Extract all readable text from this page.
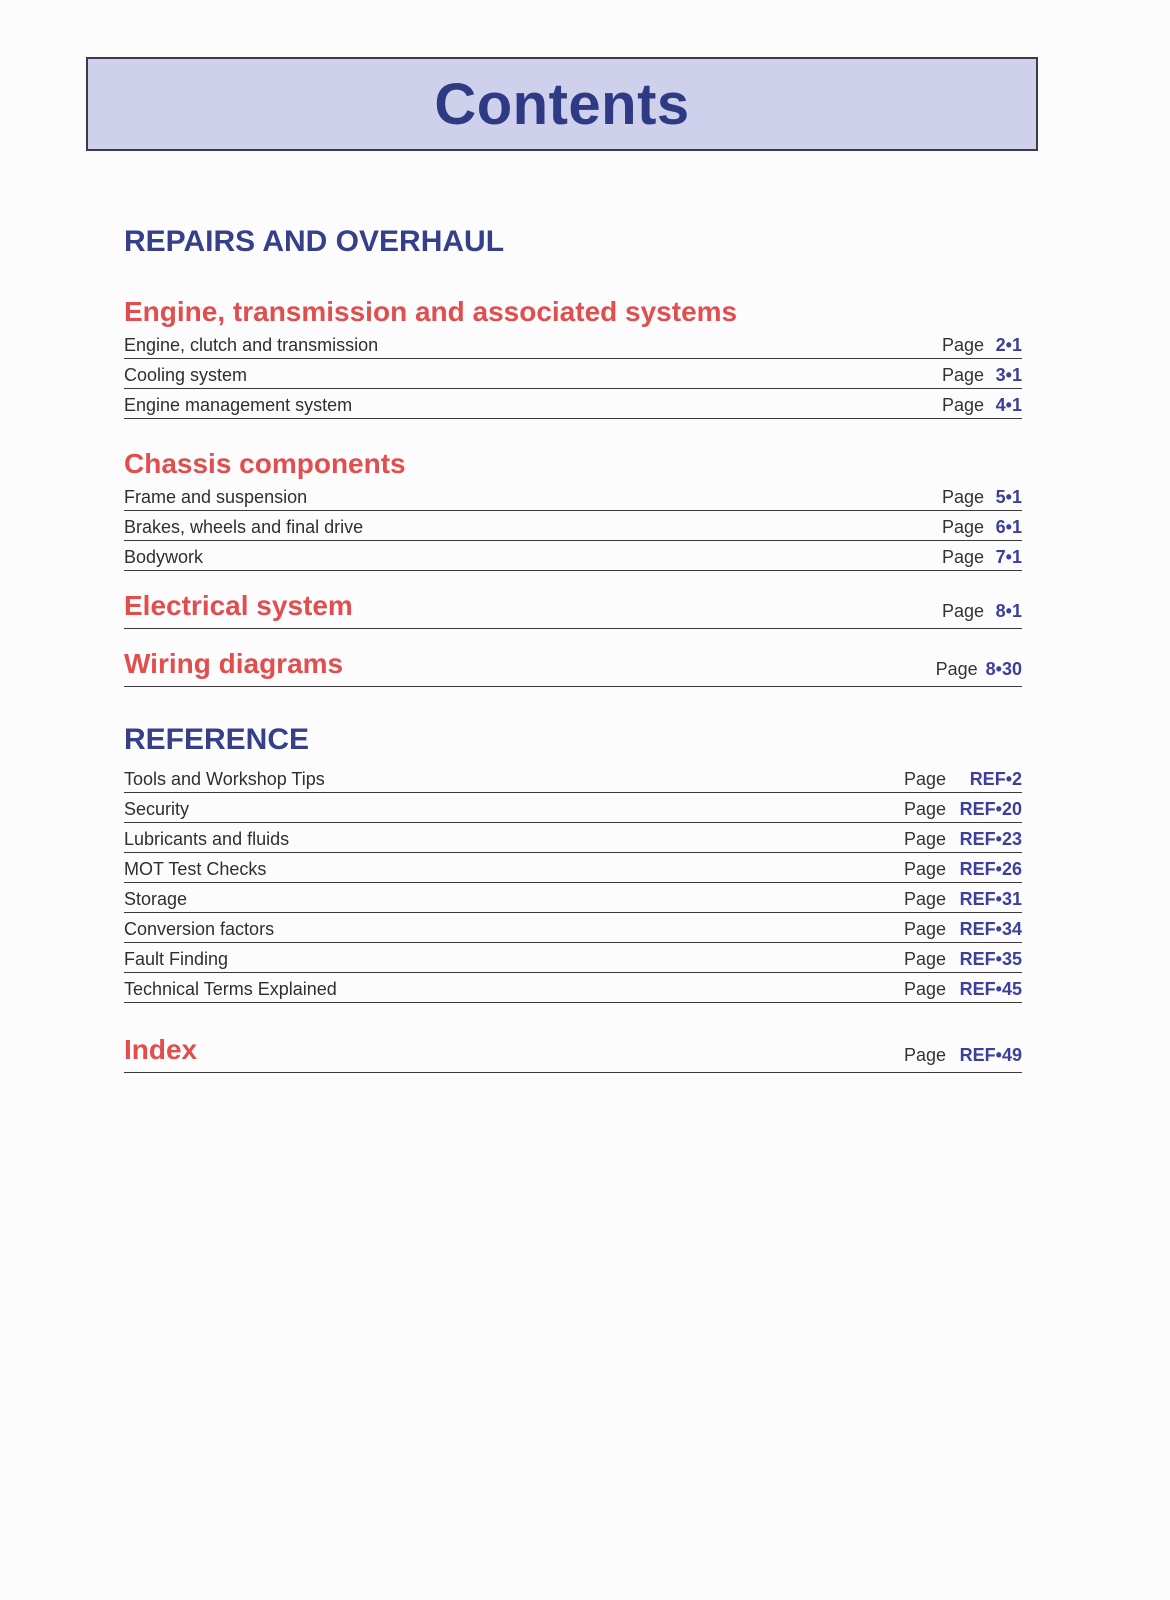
Contents
REPAIRS AND OVERHAUL
Engine, transmission and associated systems
Engine, clutch and transmission	Page 2•1
Cooling system	Page 3•1
Engine management system	Page 4•1
Chassis components
Frame and suspension	Page 5•1
Brakes, wheels and final drive	Page 6•1
Bodywork	Page 7•1
Electrical system	Page 8•1
Wiring diagrams	Page 8•30
REFERENCE
Tools and Workshop Tips	Page	REF•2
Security	Page REF•20
Lubricants and fluids	Page REF•23
MOT Test Checks	Page REF•26
Storage	Page REF•31
Conversion factors	Page REF•34
Fault Finding	Page REF•35
Technical Terms Explained	Page REF•45
Index	Page REF•49
